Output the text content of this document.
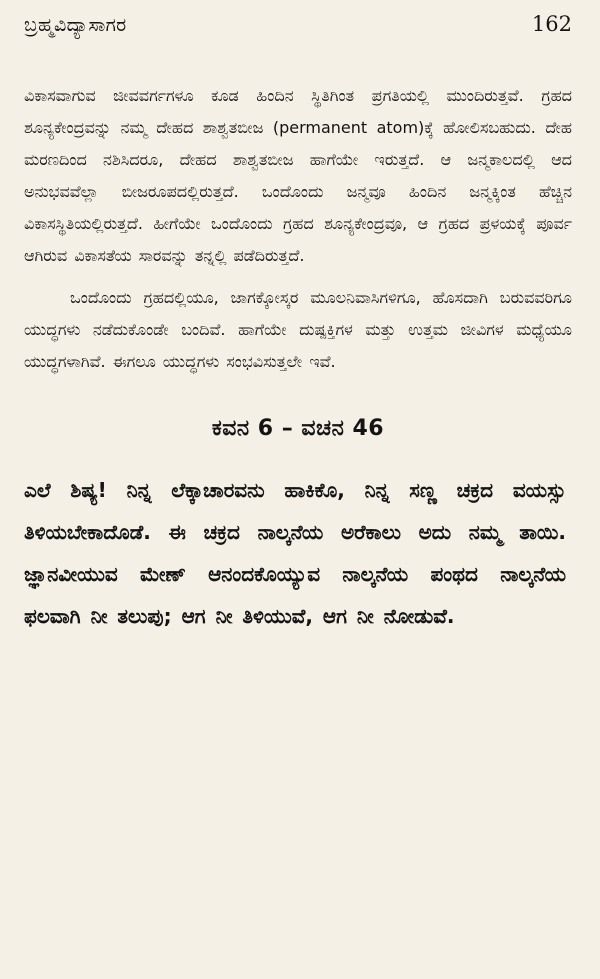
ಬ್ರಹ್ಮವಿದ್ಯಾಸಾಗರ	162

ವಿಕಾಸವಾಗುವ ಜೀವವರ್ಗಗಳೂ ಕೂಡ ಹಿಂದಿನ ಸ್ಥಿತಿಗಿಂತ ಪ್ರಗತಿಯಲ್ಲಿ ಮುಂದಿರುತ್ತವೆ. ಗ್ರಹದ ಶೂನ್ಯಕೇಂದ್ರವನ್ನು ನಮ್ಮ ದೇಹದ ಶಾಶ್ವತಬೀಜ (permanent atom)ಕ್ಕೆ ಹೋಲಿಸಬಹುದು. ದೇಹ ಮರಣದಿಂದ ನಶಿಸಿದರೂ, ದೇಹದ ಶಾಶ್ವತಬೀಜ ಹಾಗೆಯೇ ಇರುತ್ತದೆ. ಆ ಜನ್ಮಕಾಲದಲ್ಲಿ ಆದ ಅನುಭವವೆಲ್ಲಾ ಬೀಜರೂಪದಲ್ಲಿರುತ್ತದೆ. ಒಂದೊಂದು ಜನ್ಮವೂ ಹಿಂದಿನ ಜನ್ಮಕ್ಕಿಂತ ಹೆಚ್ಚಿನ ವಿಕಾಸಸ್ಥಿತಿಯಲ್ಲಿರುತ್ತದೆ. ಹೀಗೆಯೇ ಒಂದೊಂದು ಗ್ರಹದ ಶೂನ್ಯಕೇಂದ್ರವೂ, ಆ ಗ್ರಹದ ಪ್ರಳಯಕ್ಕೆ ಪೂರ್ವ ಆಗಿರುವ ವಿಕಾಸತೆಯ ಸಾರವನ್ನು ತನ್ನಲ್ಲಿ ಪಡೆದಿರುತ್ತದೆ.

ಒಂದೊಂದು ಗ್ರಹದಲ್ಲಿಯೂ, ಜಾಗಕ್ಕೋಸ್ಕರ ಮೂಲನಿವಾಸಿಗಳಿಗೂ, ಹೊಸದಾಗಿ ಬರುವವರಿಗೂ ಯುದ್ಧಗಳು ನಡೆದುಕೊಂಡೇ ಬಂದಿವೆ. ಹಾಗೆಯೇ ದುಷ್ಪಕ್ತಿಗಳ ಮತ್ತು ಉತ್ತಮ ಜೀವಿಗಳ ಮಧ್ಯೆಯೂ ಯುದ್ಧಗಳಾಗಿವೆ. ಈಗಲೂ ಯುದ್ಧಗಳು ಸಂಭವಿಸುತ್ತಲೇ ಇವೆ.

ಕವನ 6 – ವಚನ 46

ಎಲೆ ಶಿಷ್ಯ! ನಿನ್ನ ಲೆಕ್ಕಾಚಾರವನು ಹಾಕಿಕೊ, ನಿನ್ನ ಸಣ್ಣ ಚಕ್ರದ ವಯಸ್ಸು ತಿಳಿಯಬೇಕಾದೊಡೆ. ಈ ಚಕ್ರದ ನಾಲ್ಕನೆಯ ಅರೆಕಾಲು ಅದು ನಮ್ಮ ತಾಯಿ. ಜ್ಞಾನವೀಯುವ ಮೇಣ್ ಆನಂದಕೊಯ್ಯುವ ನಾಲ್ಕನೆಯ ಪಂಥದ ನಾಲ್ಕನೆಯ ಫಲವಾಗಿ ನೀ ತಲುಪು; ಆಗ ನೀ ತಿಳಿಯುವೆ, ಆಗ ನೀ ನೋಡುವೆ.
